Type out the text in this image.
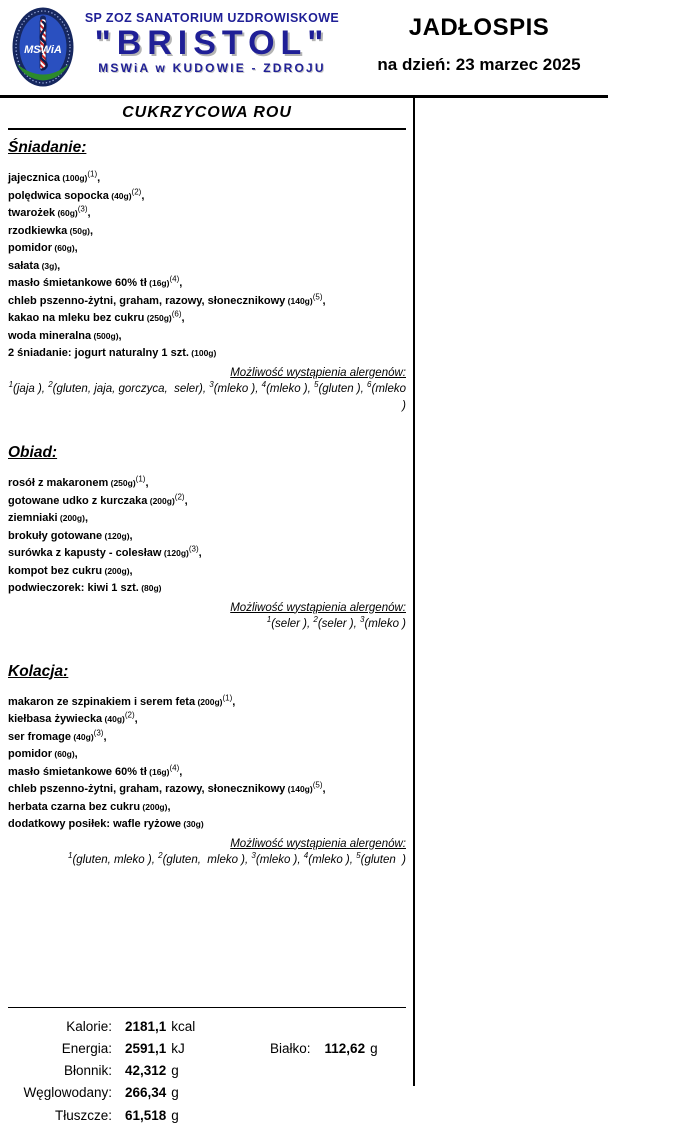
MSWiA
SP ZOZ SANATORIUM UZDROWISKOWE
"BRISTOL"
MSWiA w KUDOWIE - ZDROJU
JADŁOSPIS
na dzień: 23 marzec 2025
CUKRZYCOWA ROU
Śniadanie:
jajecznica (100g)$^{(1)}$,
polędwica sopocka (40g)$^{(2)}$,
twarożek (60g)$^{(3)}$,
rzodkiewka (50g),
pomidor (60g),
sałata (3g),
masło śmietankowe 60% tł (16g)$^{(4)}$,
chleb pszenno-żytni, graham, razowy, słonecznikowy (140g)$^{(5)}$,
kakao na mleku bez cukru (250g)$^{(6)}$,
woda mineralna (500g),
2 śniadanie: jogurt naturalny 1 szt. (100g)
Możliwość wystąpienia alergenów:
$^1$(jaja ), $^2$(gluten, jaja, gorczyca,  seler), $^3$(mleko ), $^4$(mleko ), $^5$(gluten ), $^6$(mleko )
Obiad:
rosół z makaronem (250g)$^{(1)}$,
gotowane udko z kurczaka (200g)$^{(2)}$,
ziemniaki (200g),
brokuły gotowane (120g),
surówka z kapusty - colesław (120g)$^{(3)}$,
kompot bez cukru (200g),
podwieczorek: kiwi 1 szt. (80g)
Możliwość wystąpienia alergenów:
$^1$(seler ), $^2$(seler ), $^3$(mleko )
Kolacja:
makaron ze szpinakiem i serem feta (200g)$^{(1)}$,
kiełbasa żywiecka (40g)$^{(2)}$,
ser fromage (40g)$^{(3)}$,
pomidor (60g),
masło śmietankowe 60% tł (16g)$^{(4)}$,
chleb pszenno-żytni, graham, razowy, słonecznikowy (140g)$^{(5)}$,
herbata czarna bez cukru (200g),
dodatkowy posiłek: wafle ryżowe (30g)
Możliwość wystąpienia alergenów:
$^1$(gluten, mleko ), $^2$(gluten,  mleko ), $^3$(mleko ), $^4$(mleko ), $^5$(gluten  )
Kalorie: 2181,1 kcal
Energia: 2591,1 kJ	Białko: 112,62 g
Błonnik: 42,312 g
Węglowodany: 266,34 g
Tłuszcze: 61,518 g
